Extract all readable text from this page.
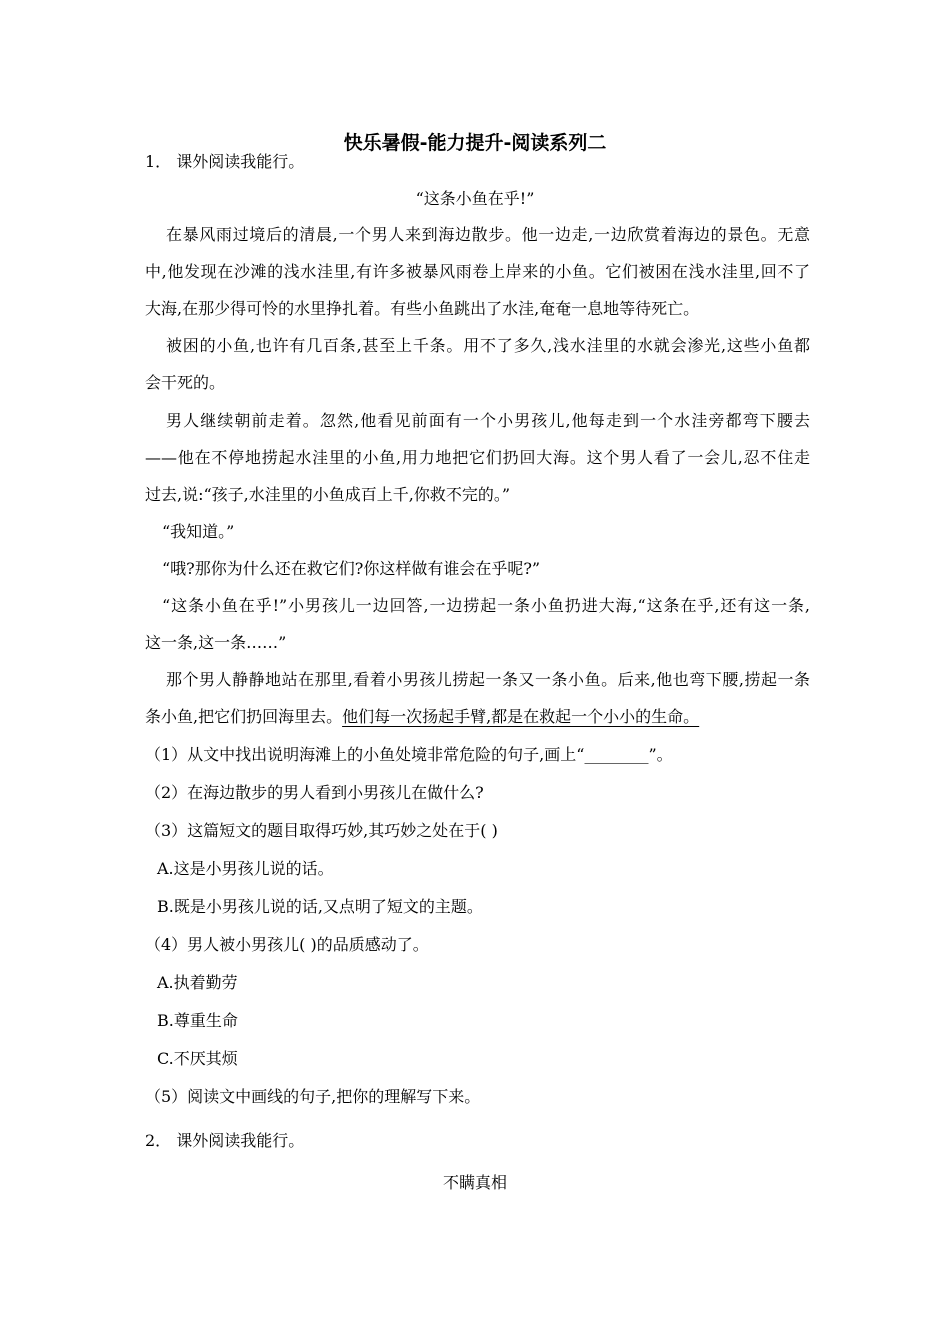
快乐暑假-能力提升-阅读系列二
1． 课外阅读我能行。
“这条小鱼在乎!”
在暴风雨过境后的清晨,一个男人来到海边散步。他一边走,一边欣赏着海边的景色。无意
中,他发现在沙滩的浅水洼里,有许多被暴风雨卷上岸来的小鱼。它们被困在浅水洼里,回不了
大海,在那少得可怜的水里挣扎着。有些小鱼跳出了水洼,奄奄一息地等待死亡。
被困的小鱼,也许有几百条,甚至上千条。用不了多久,浅水洼里的水就会渗光,这些小鱼都
会干死的。
男人继续朝前走着。忽然,他看见前面有一个小男孩儿,他每走到一个水洼旁都弯下腰去
——他在不停地捞起水洼里的小鱼,用力地把它们扔回大海。这个男人看了一会儿,忍不住走
过去,说:“孩子,水洼里的小鱼成百上千,你救不完的。”
“我知道。”
“哦?那你为什么还在救它们?你这样做有谁会在乎呢?”
“这条小鱼在乎!”小男孩儿一边回答,一边捞起一条小鱼扔进大海,“这条在乎,还有这一条,
这一条,这一条……”
那个男人静静地站在那里,看着小男孩儿捞起一条又一条小鱼。后来,他也弯下腰,捞起一条
条小鱼,把它们扔回海里去。他们每一次扬起手臂,都是在救起一个小小的生命。
（1）从文中找出说明海滩上的小鱼处境非常危险的句子,画上“________”。
（2）在海边散步的男人看到小男孩儿在做什么?
（3）这篇短文的题目取得巧妙,其巧妙之处在于( )
A.这是小男孩儿说的话。
B.既是小男孩儿说的话,又点明了短文的主题。
（4）男人被小男孩儿( )的品质感动了。
A.执着勤劳
B.尊重生命
C.不厌其烦
（5）阅读文中画线的句子,把你的理解写下来。
2． 课外阅读我能行。
不瞒真相
